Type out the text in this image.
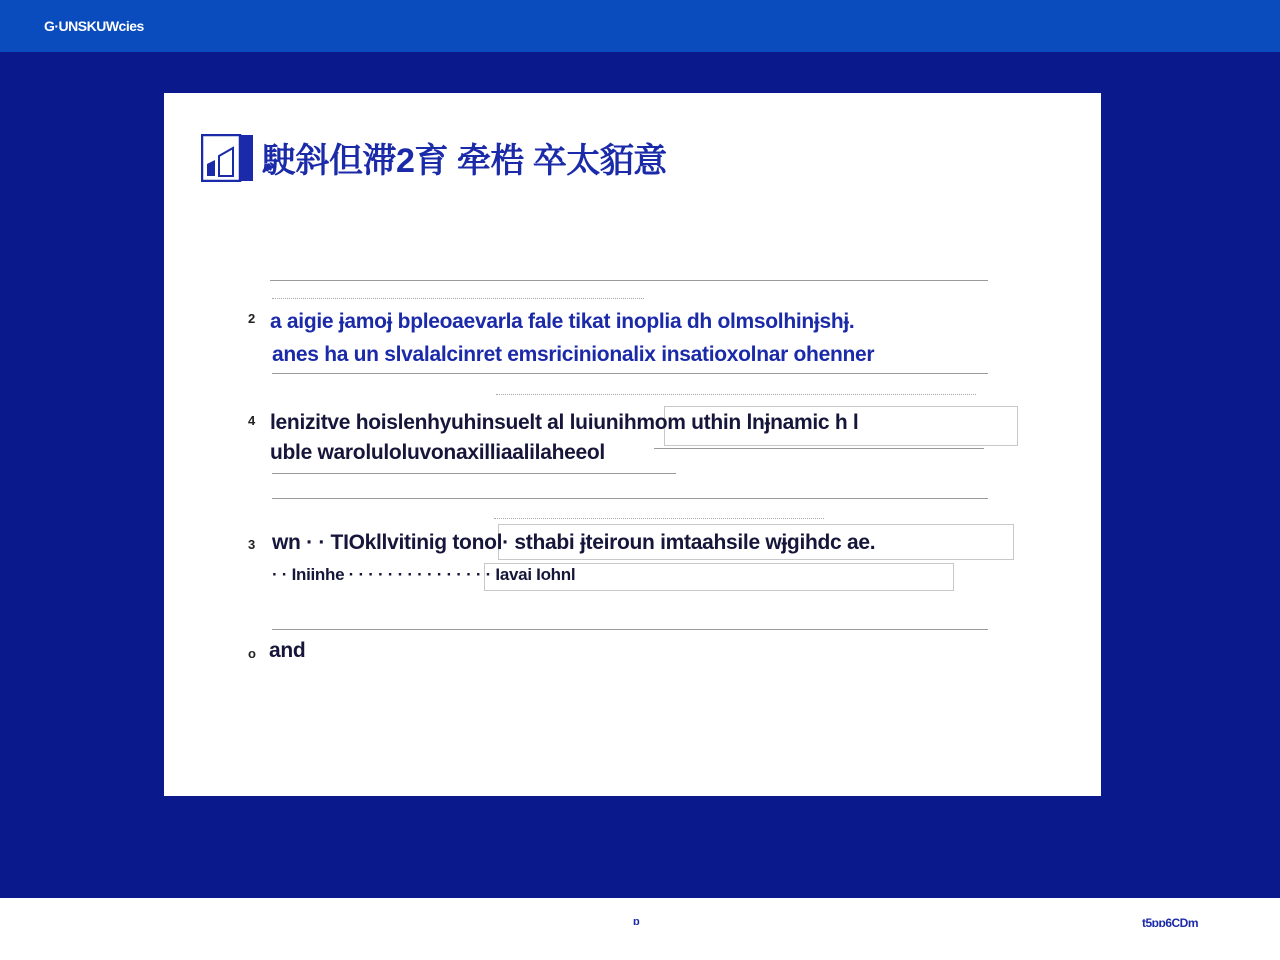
G·UNSKUWcies
駛斜但滞2育 牵梏 卒太貊意
2 a aigie ɉamoɉ bpleoaevarla fale tikat inoplia dh olmsolhinɉshɉ.
anes ha un slvalalcinret emsricinionalix insatioxolnar ohenner
4 lenizitve hoislenhyuhinsuelt al luiunihmom uthin lnɉnamic h l
uble waroluloluvonaxilliaalilaheeol
3 wn · · TIOkllvitinig tonol· sthabi ɉteiroun imtaahsile wɉgihdc ae.
· · Iniinhe · · · · · · · · · · · · · · · Iavai Iohnl
o and
ɒ	t5ɒɒ6CDm
